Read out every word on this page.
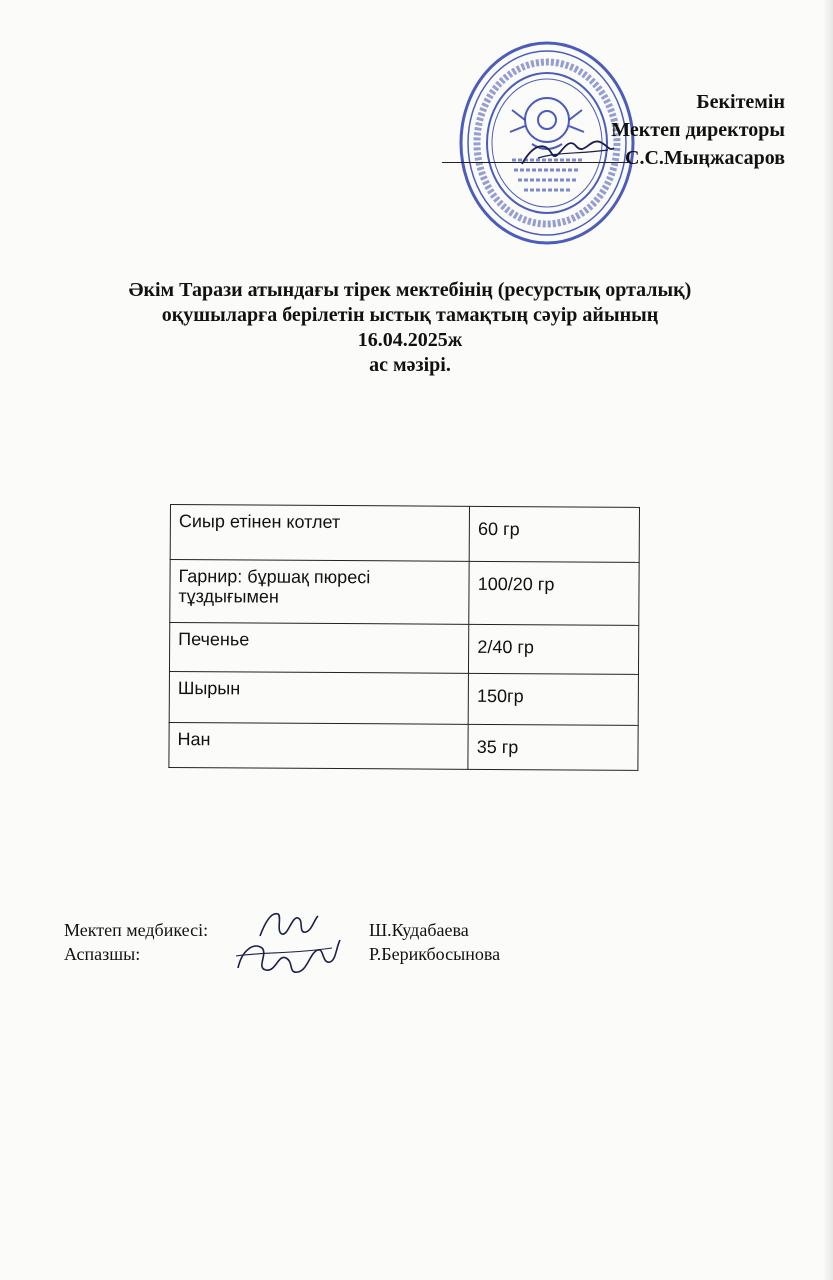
Бекітемін
Мектеп директоры
С.С.Мыңжасаров
Әкім Тарази атындағы тірек мектебінің (ресурстық орталық)
оқушыларға берілетін ыстық тамақтың сәуір айының
16.04.2025ж
ас мәзірі.
Сиыр етінен котлет	60 гр
Гарнир: бұршақ пюресі тұздығымен	100/20 гр
Печенье	2/40 гр
Шырын	150гр
Нан	35 гр
Мектеп медбикесі:	Ш.Кудабаева
Аспазшы:	Р.Берикбосынова
